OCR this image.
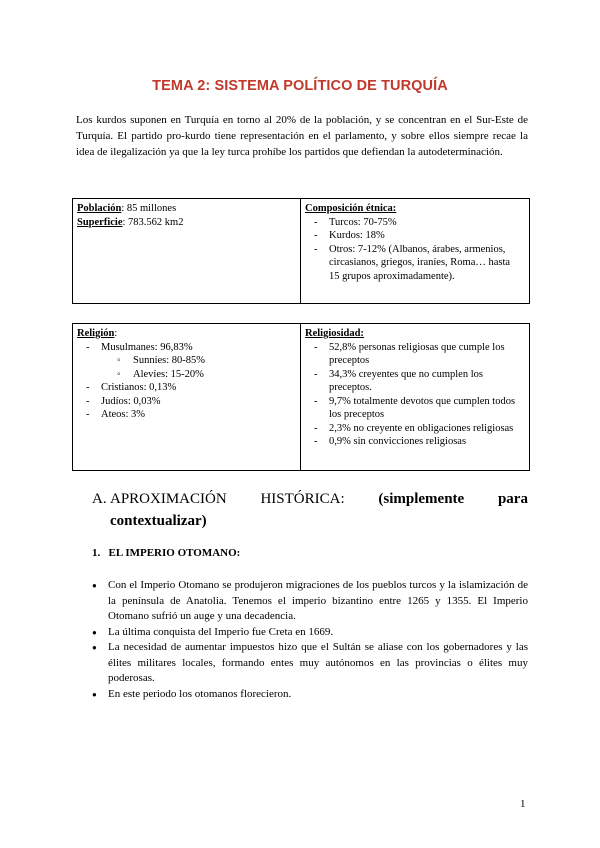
TEMA 2: SISTEMA POLÍTICO DE TURQUÍA

Los kurdos suponen en Turquía en torno al 20% de la población, y se concentran en el Sur-Este de Turquía. El partido pro-kurdo tiene representación en el parlamento, y sobre ellos siempre recae la idea de ilegalización ya que la ley turca prohíbe los partidos que defiendan la autodeterminación.

Población: 85 millones
Superficie: 783.562 km2
Composición étnica:
- Turcos: 70-75%
- Kurdos: 18%
- Otros: 7-12% (Albanos, árabes, armenios, circasianos, griegos, iraníes, Roma… hasta 15 grupos aproximadamente).
Religión:
- Musulmanes: 96,83%
◦ Sunníes: 80-85%
◦ Alevíes: 15-20%
- Cristianos: 0,13%
- Judíos: 0,03%
- Ateos: 3%
Religiosidad:
- 52,8% personas religiosas que cumple los preceptos
- 34,3% creyentes que no cumplen los preceptos.
- 9,7% totalmente devotos que cumplen todos los preceptos
- 2,3% no creyente en obligaciones religiosas
- 0,9% sin convicciones religiosas
A. APROXIMACIÓN HISTÓRICA: (simplemente para
contextualizar)
1.   EL IMPERIO OTOMANO:
● Con el Imperio Otomano se produjeron migraciones de los pueblos turcos y la islamización de la península de Anatolia. Tenemos el imperio bizantino entre 1265 y 1355. El Imperio Otomano sufrió un auge y una decadencia.
● La última conquista del Imperio fue Creta en 1669.
● La necesidad de aumentar impuestos hizo que el Sultán se aliase con los gobernadores y las élites militares locales, formando entes muy autónomos en las provincias o élites muy poderosas.
● En este periodo los otomanos florecieron.
1
